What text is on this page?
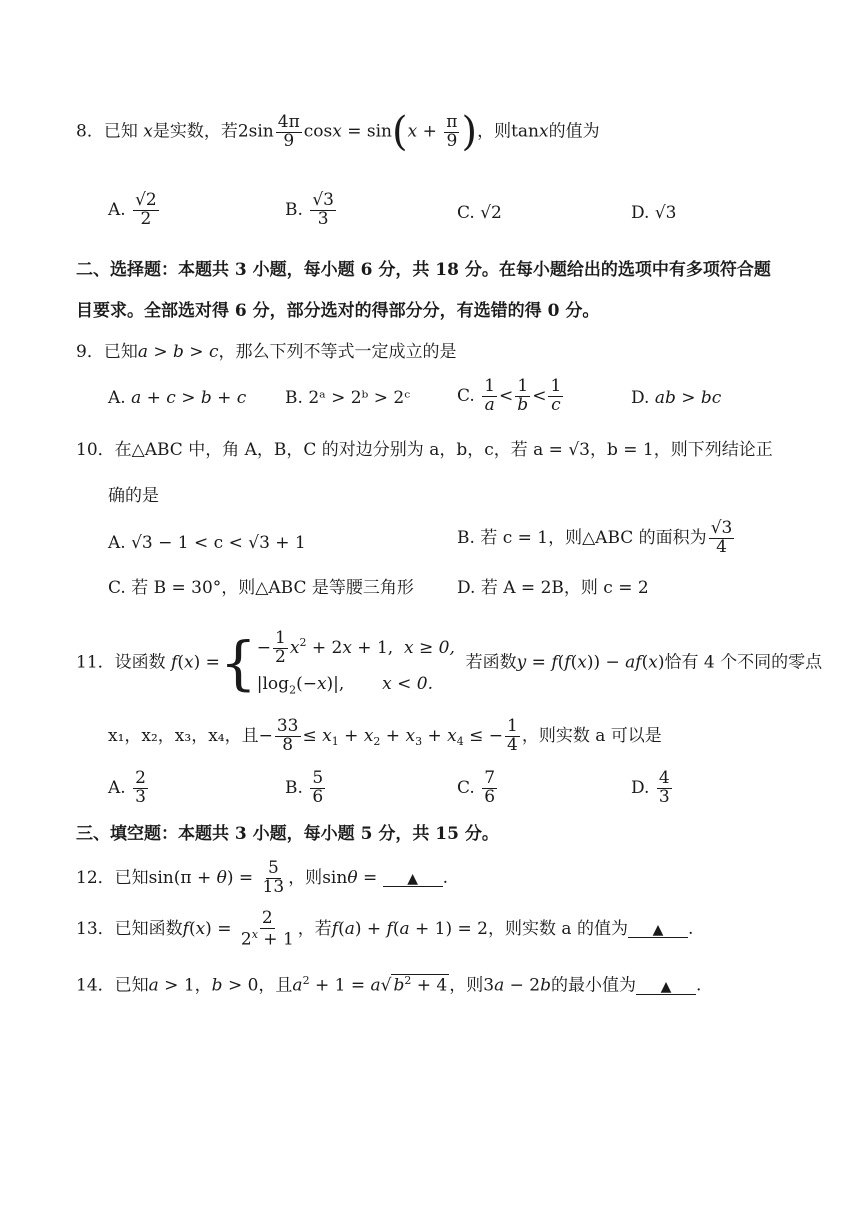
8．已知 x是实数，若$2\sin \frac{4\pi}{9}$ $\cos x = \sin(x + \frac{\pi}{9}$ )，则tanx的值为
A. $\frac{√2}{2}$	B. $\frac{√3}{3}$	C. √2	D. √3
二、选择题：本题共 3 小题，每小题 6 分，共 18 分。在每小题给出的选项中有多项符合题
目要求。全部选对得 6 分，部分选对的得部分分，有选错的得 0 分。
9．已知a > b > c，那么下列不等式一定成立的是
A. a + c > b + c B. 2ᵃ > 2ᵇ > 2ᶜ	C. $\frac{1}{a} < \frac{1}{b} < \frac{1}{c}$	D. ab > bc
10．在△ABC 中，角 A，B，C 的对边分别为 a，b，c，若 a = √3，b = 1，则下列结论正
确的是
A. √3 − 1 < c < √3 + 1	B. 若 c = 1，则△ABC 的面积为 $\frac{√3}{4}$
C. 若 B = 30°，则△ABC 是等腰三角形	D. 若 A = 2B，则 c = 2
11．设函数 f(x) ={ − $\frac{1}{2} x^2 + 2x + 1$,  x ≥ 0,
$|\log_2(-x)|$,       x < 0.
若函数y = f(f(x)) − af(x)恰有 4 个不同的零点
x₁，x₂，x₃，x₄，且− $\frac{33}{8} \le x_1 + x_2 + x_3 + x_4$ ≤ − $\frac{1}{4}$ ，则实数 a 可以是
A. $\frac{2}{3}$	B. $\frac{5}{6}$	C. $\frac{7}{6}$	D. $\frac{4}{3}$
三、填空题：本题共 3 小题，每小题 5 分，共 15 分。
12．已知$\sin(\pi + \theta) = \frac{5}{13}$ ，则sinθ = ▲ .
13．已知函数$f(x) = \frac{2}{2^x + 1}$ ，若f(a) + f(a + 1) = 2，则实数 a 的值为 ▲ .
14．已知a > 1，b > 0，且$a^2 + 1 = a√$ $b^2 + 4$ ，则3a − 2b的最小值为 ▲ .
